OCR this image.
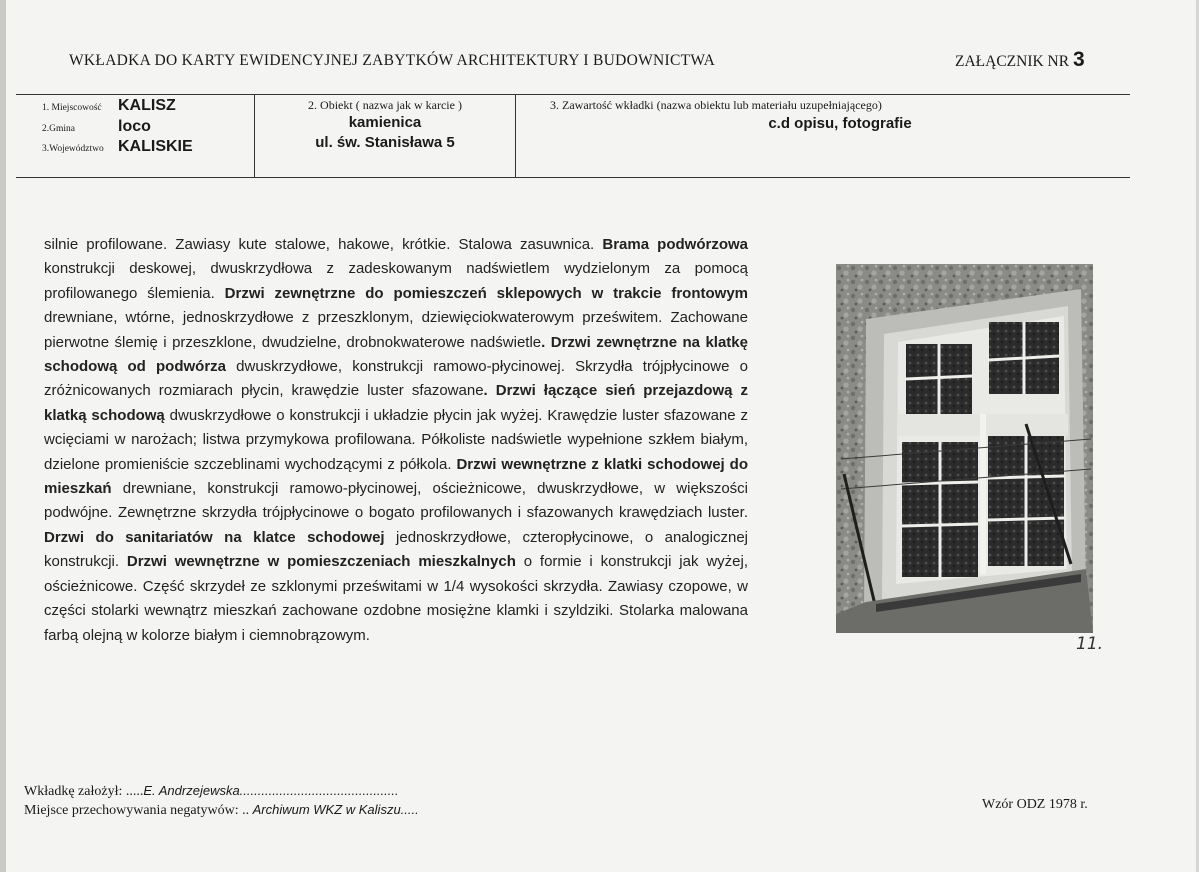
WKŁADKA DO KARTY EWIDENCYJNEJ ZABYTKÓW ARCHITEKTURY I BUDOWNICTWA	ZAŁĄCZNIK NR 3
1. Miejscowość KALISZ
2.Gmina	loco
3.Województwo KALISKIE
2. Obiekt ( nazwa jak w karcie )
kamienica
ul. św. Stanisława 5
3. Zawartość wkładki (nazwa obiektu lub materiału uzupełniającego)
c.d opisu, fotografie

silnie profilowane. Zawiasy kute stalowe, hakowe, krótkie. Stalowa zasuwnica. Brama podwórzowa konstrukcji deskowej, dwuskrzydłowa z zadeskowanym nadświetlem wydzielonym za pomocą profilowanego ślemienia. Drzwi zewnętrzne do pomieszczeń sklepowych w trakcie frontowym drewniane, wtórne, jednoskrzydłowe z przeszklonym, dziewięciokwaterowym prześwitem. Zachowane pierwotne ślemię i przeszklone, dwudzielne, drobnokwaterowe nadświetle. Drzwi zewnętrzne na klatkę schodową od podwórza dwuskrzydłowe, konstrukcji ramowo-płycinowej. Skrzydła trójpłycinowe o zróżnicowanych rozmiarach płycin, krawędzie luster sfazowane. Drzwi łączące sień przejazdową z klatką schodową dwuskrzydłowe o konstrukcji i układzie płycin jak wyżej. Krawędzie luster sfazowane z wcięciami w narożach; listwa przymykowa profilowana. Półkoliste nadświetle wypełnione szkłem białym, dzielone promieniście szczeblinami wychodzącymi z półkola. Drzwi wewnętrzne z klatki schodowej do mieszkań drewniane, konstrukcji ramowo-płycinowej, ościeżnicowe, dwuskrzydłowe, w większości podwójne. Zewnętrzne skrzydła trójpłycinowe o bogato profilowanych i sfazowanych krawędziach luster. Drzwi do sanitariatów na klatce schodowej jednoskrzydłowe, czteropłycinowe, o analogicznej konstrukcji. Drzwi wewnętrzne w pomieszczeniach mieszkalnych o formie i konstrukcji jak wyżej, ościeżnicowe. Część skrzydeł ze szklonymi prześwitami w 1/4 wysokości skrzydła. Zawiasy czopowe, w części stolarki wewnątrz mieszkań zachowane ozdobne mosiężne klamki i szyldziki. Stolarka malowana farbą olejną w kolorze białym i ciemnobrązowym.	11.
Wkładkę założył: .....E. Andrzejewska............................................
Miejsce przechowywania negatywów: .. Archiwum WKZ w Kaliszu.....	Wzór ODZ 1978 r.
